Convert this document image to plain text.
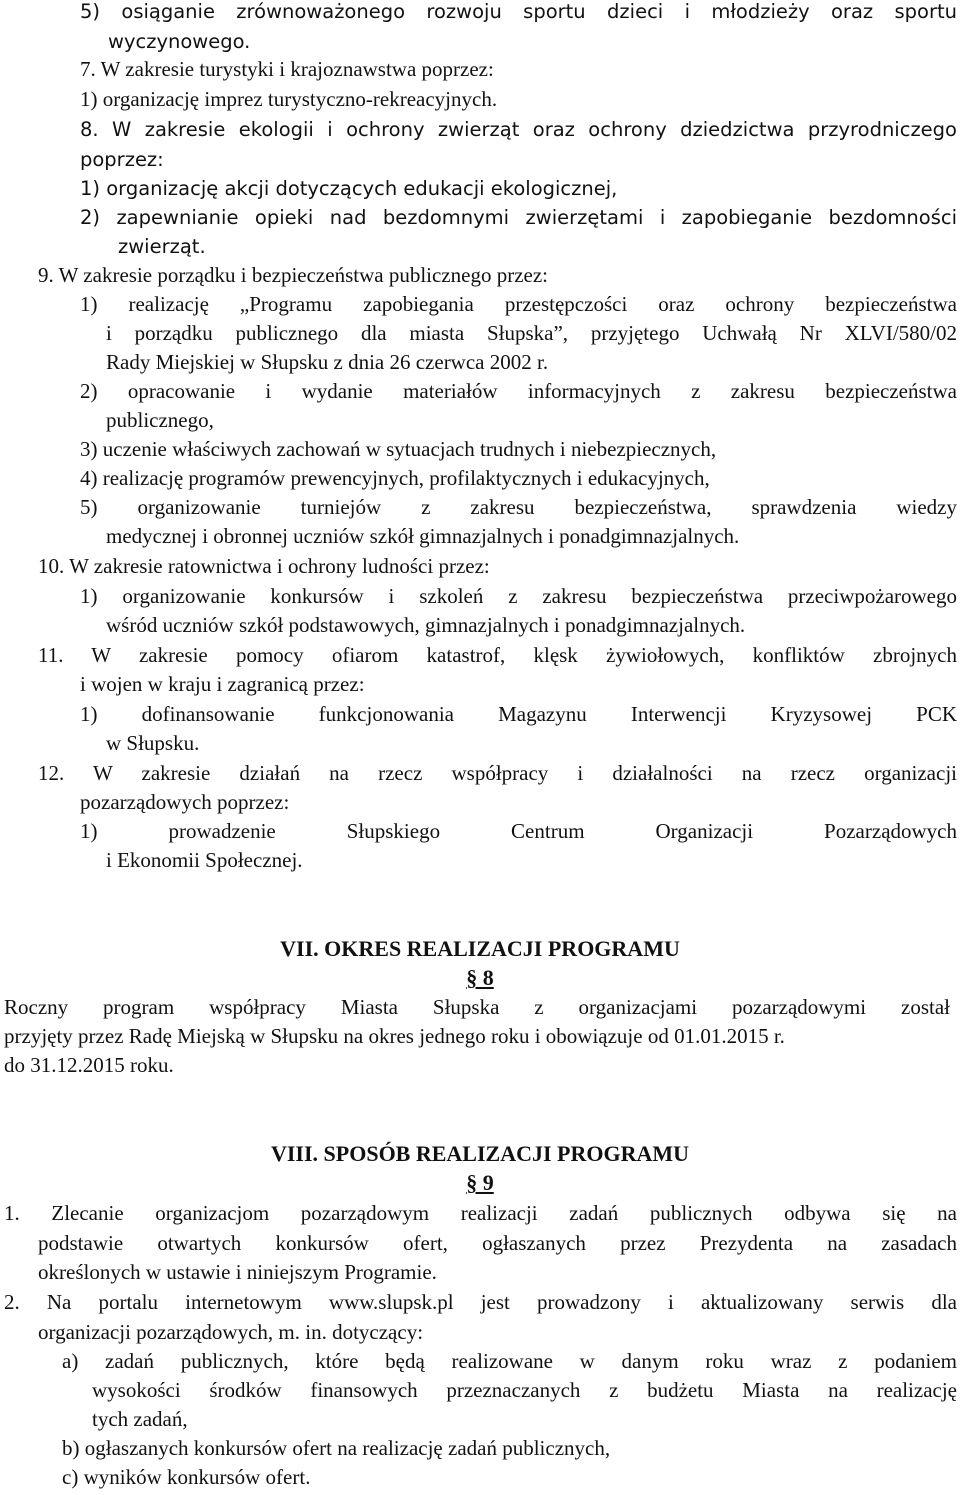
5) osiąganie zrównoważonego rozwoju sportu dzieci i młodzieży oraz sportu
wyczynowego.
7. W zakresie turystyki i krajoznawstwa poprzez:
1) organizację imprez turystyczno-rekreacyjnych.
8. W zakresie ekologii i ochrony zwierząt oraz ochrony dziedzictwa przyrodniczego
poprzez:
1) organizację akcji dotyczących edukacji ekologicznej,
2) zapewnianie opieki nad bezdomnymi zwierzętami i zapobieganie bezdomności
zwierząt.
9. W zakresie porządku i bezpieczeństwa publicznego przez:
1) realizację „Programu zapobiegania przestępczości oraz ochrony bezpieczeństwa
i porządku publicznego dla miasta Słupska”, przyjętego Uchwałą Nr XLVI/580/02
Rady Miejskiej w Słupsku z dnia 26 czerwca 2002 r.
2) opracowanie i wydanie materiałów informacyjnych z zakresu bezpieczeństwa
publicznego,
3) uczenie właściwych zachowań w sytuacjach trudnych i niebezpiecznych,
4) realizację programów prewencyjnych, profilaktycznych i edukacyjnych,
5) organizowanie turniejów z zakresu bezpieczeństwa, sprawdzenia wiedzy
medycznej i obronnej uczniów szkół gimnazjalnych i ponadgimnazjalnych.
10. W zakresie ratownictwa i ochrony ludności przez:
1) organizowanie konkursów i szkoleń z zakresu bezpieczeństwa przeciwpożarowego
wśród uczniów szkół podstawowych, gimnazjalnych i ponadgimnazjalnych.
11. W zakresie pomocy ofiarom katastrof, klęsk żywiołowych, konfliktów zbrojnych
i wojen w kraju i zagranicą przez:
1) dofinansowanie funkcjonowania Magazynu Interwencji Kryzysowej PCK
w Słupsku.
12. W zakresie działań na rzecz współpracy i działalności na rzecz organizacji
pozarządowych poprzez:
1) prowadzenie Słupskiego Centrum Organizacji Pozarządowych
i Ekonomii Społecznej.
VII. OKRES REALIZACJI PROGRAMU
§ 8
Roczny program współpracy Miasta Słupska z organizacjami pozarządowymi został
przyjęty przez Radę Miejską w Słupsku na okres jednego roku i obowiązuje od 01.01.2015 r.
do 31.12.2015 roku.
VIII. SPOSÓB REALIZACJI PROGRAMU
§ 9
1. Zlecanie organizacjom pozarządowym realizacji zadań publicznych odbywa się na
podstawie otwartych konkursów ofert, ogłaszanych przez Prezydenta na zasadach
określonych w ustawie i niniejszym Programie.
2. Na portalu internetowym www.slupsk.pl jest prowadzony i aktualizowany serwis dla
organizacji pozarządowych, m. in. dotyczący:
a) zadań publicznych, które będą realizowane w danym roku wraz z podaniem
wysokości środków finansowych przeznaczanych z budżetu Miasta na realizację
tych zadań,
b) ogłaszanych konkursów ofert na realizację zadań publicznych,
c) wyników konkursów ofert.
